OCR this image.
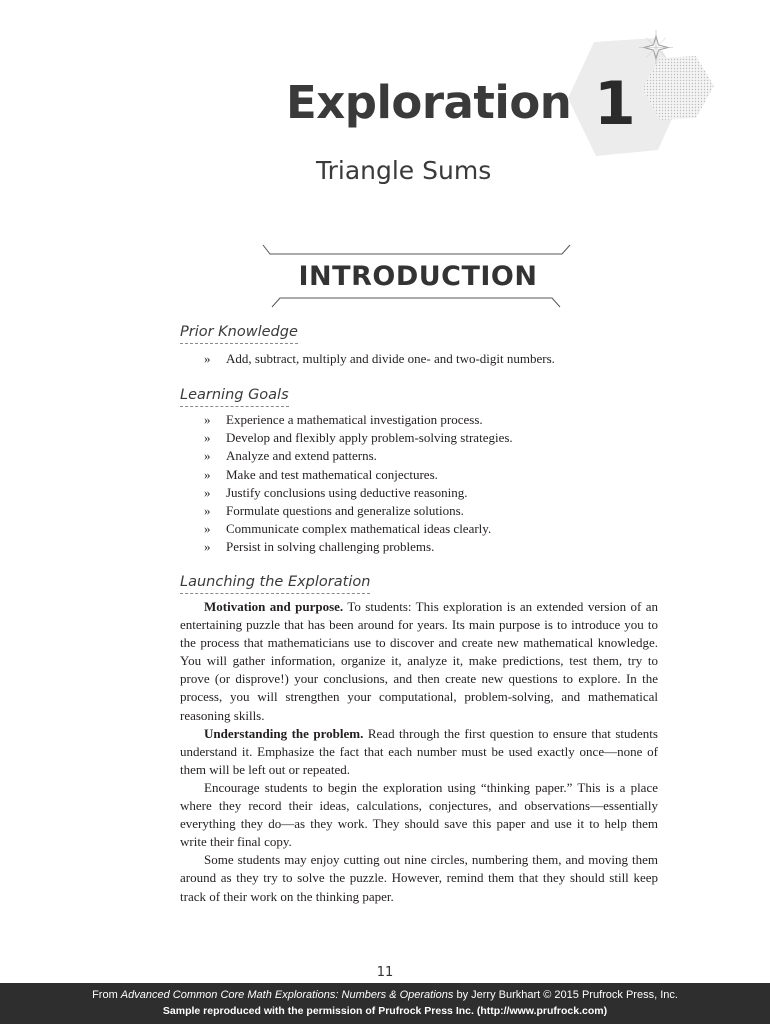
Exploration 1
Triangle Sums
INTRODUCTION
Prior Knowledge
» Add, subtract, multiply and divide one- and two-digit numbers.
Learning Goals
» Experience a mathematical investigation process.
» Develop and flexibly apply problem-solving strategies.
» Analyze and extend patterns.
» Make and test mathematical conjectures.
» Justify conclusions using deductive reasoning.
» Formulate questions and generalize solutions.
» Communicate complex mathematical ideas clearly.
» Persist in solving challenging problems.
Launching the Exploration

Motivation and purpose. To students: This exploration is an extended version of an entertaining puzzle that has been around for years. Its main purpose is to introduce you to the process that mathematicians use to discover and create new mathematical knowledge. You will gather information, organize it, analyze it, make predictions, test them, try to prove (or disprove!) your conclusions, and then create new questions to explore. In the process, you will strengthen your computational, problem-solving, and mathematical reasoning skills.

Understanding the problem. Read through the first question to ensure that students understand it. Emphasize the fact that each number must be used exactly once—none of them will be left out or repeated.

Encourage students to begin the exploration using “thinking paper.” This is a place where they record their ideas, calculations, conjectures, and observations—essentially everything they do—as they work. They should save this paper and use it to help them write their final copy.

Some students may enjoy cutting out nine circles, numbering them, and moving them around as they try to solve the puzzle. However, remind them that they should still keep track of their work on the thinking paper.

11
From Advanced Common Core Math Explorations: Numbers & Operations by Jerry Burkhart © 2015 Prufrock Press, Inc.
Sample reproduced with the permission of Prufrock Press Inc. (http://www.prufrock.com)
